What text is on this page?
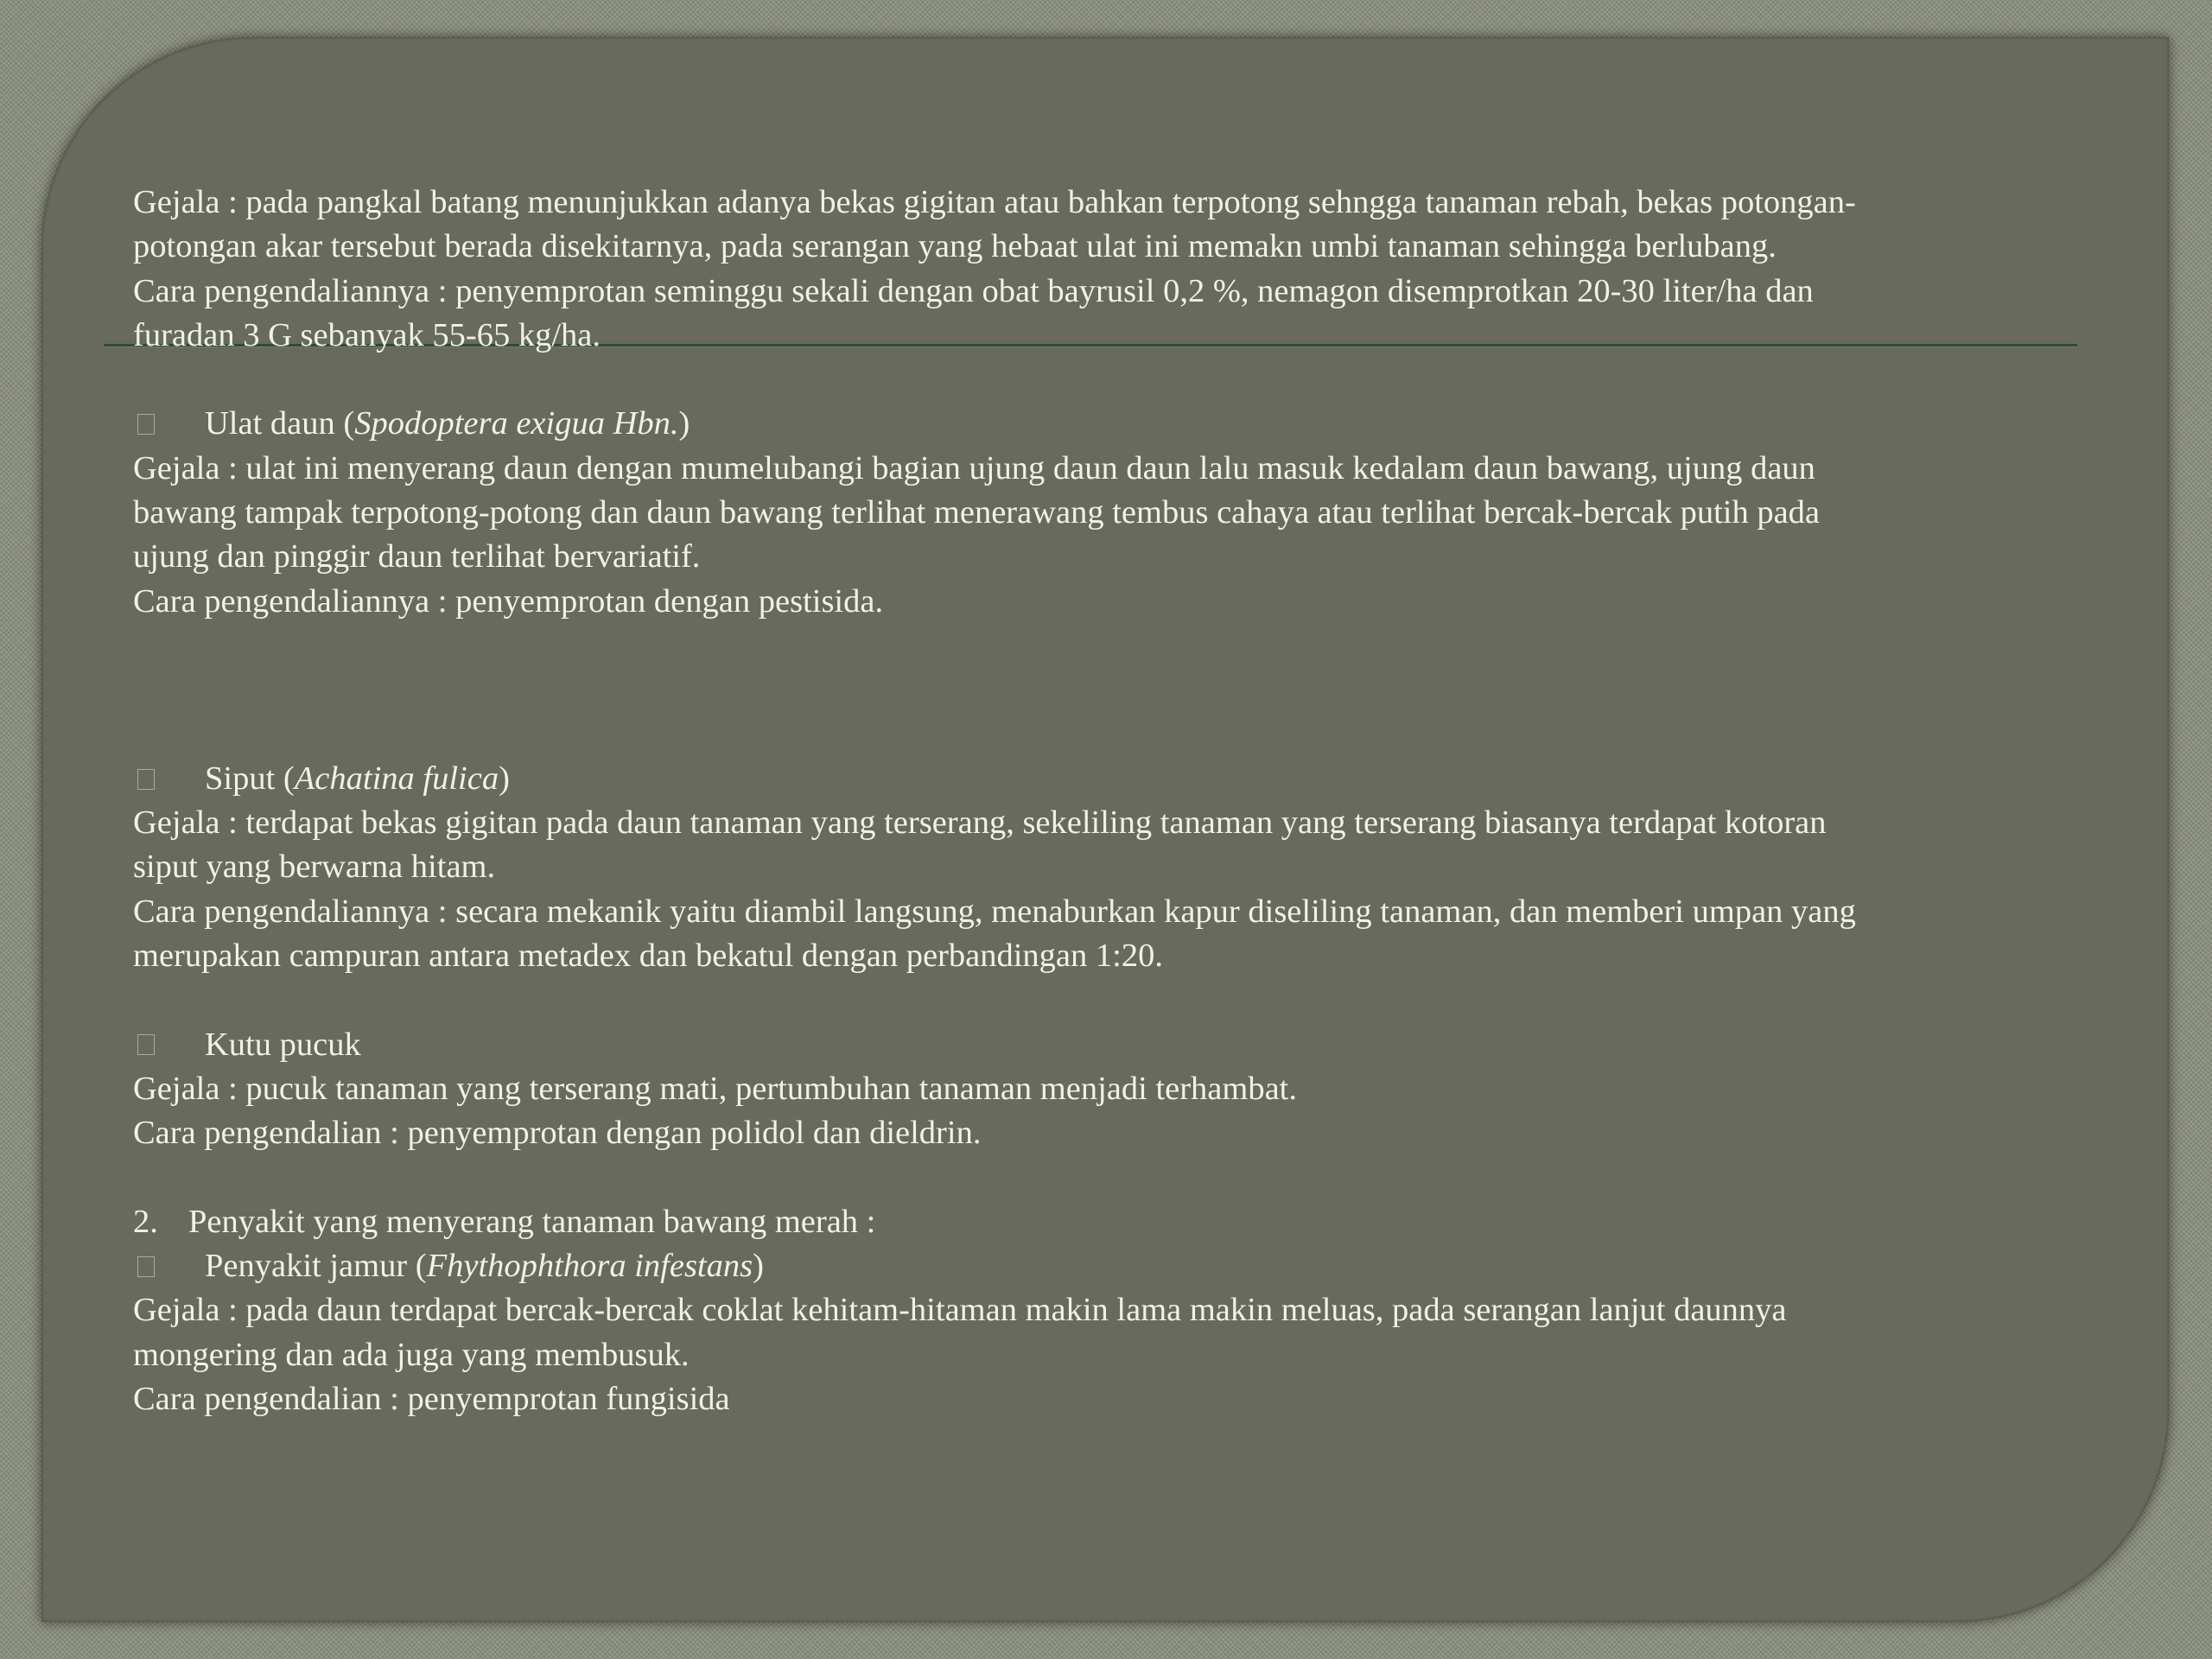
Gejala : pada pangkal batang menunjukkan adanya bekas gigitan atau bahkan terpotong sehngga tanaman rebah, bekas potongan-
potongan akar tersebut berada disekitarnya, pada serangan yang hebaat ulat ini memakn umbi tanaman sehingga berlubang.
Cara pengendaliannya : penyemprotan seminggu sekali dengan obat bayrusil 0,2 %, nemagon disemprotkan 20-30 liter/ha dan
furadan 3 G sebanyak 55-65 kg/ha.
Ulat daun (Spodoptera exigua Hbn.)
Gejala : ulat ini menyerang daun dengan mumelubangi bagian ujung daun daun lalu masuk kedalam daun bawang, ujung daun
bawang tampak terpotong-potong dan daun bawang terlihat menerawang tembus cahaya atau terlihat bercak-bercak putih pada
ujung dan pinggir daun terlihat bervariatif.
Cara pengendaliannya : penyemprotan dengan pestisida.
Siput (Achatina fulica)
Gejala : terdapat bekas gigitan pada daun tanaman yang terserang, sekeliling tanaman yang terserang biasanya terdapat kotoran
siput yang berwarna hitam.
Cara pengendaliannya : secara mekanik yaitu diambil langsung, menaburkan kapur diseliling tanaman, dan memberi umpan yang
merupakan campuran antara metadex dan bekatul dengan perbandingan 1:20.
Kutu pucuk
Gejala : pucuk tanaman yang terserang mati, pertumbuhan tanaman menjadi terhambat.
Cara pengendalian : penyemprotan dengan polidol dan dieldrin.
2. Penyakit yang menyerang tanaman bawang merah :
Penyakit jamur (Fhythophthora infestans)
Gejala : pada daun terdapat bercak-bercak coklat kehitam-hitaman makin lama makin meluas, pada serangan lanjut daunnya
mongering dan ada juga yang membusuk.
Cara pengendalian : penyemprotan fungisida
